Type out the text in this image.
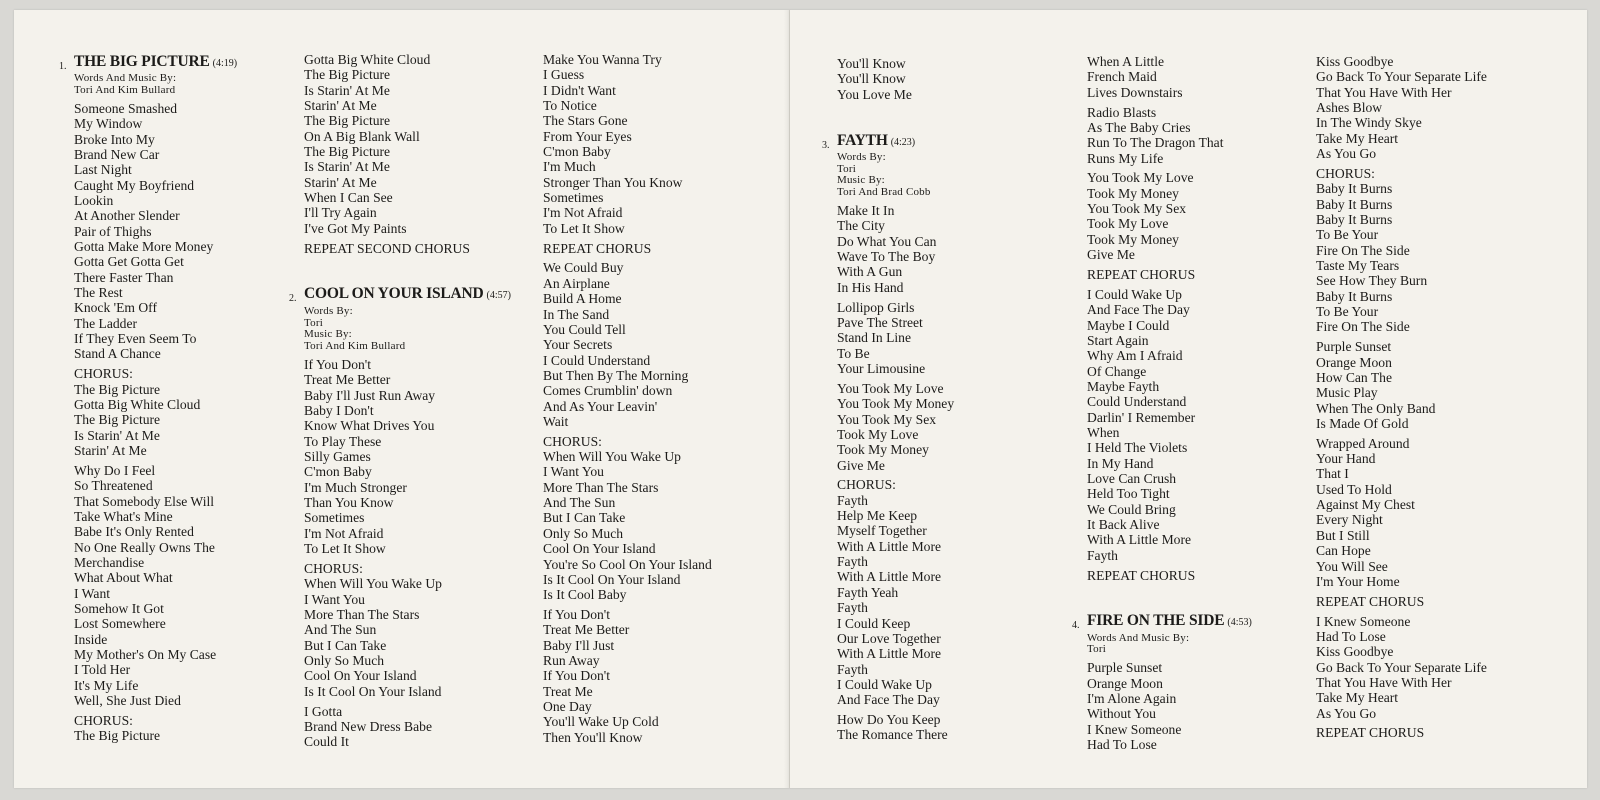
1. THE BIG PICTURE (4:19)
Words And Music By:
Tori And Kim Bullard
Someone Smashed
My Window
Broke Into My
Brand New Car
Last Night
Caught My Boyfriend
Lookin
At Another Slender
Pair of Thighs
Gotta Make More Money
Gotta Get Gotta Get
There Faster Than
The Rest
Knock 'Em Off
The Ladder
If They Even Seem To
Stand A Chance
CHORUS:
The Big Picture
Gotta Big White Cloud
The Big Picture
Is Starin' At Me
Starin' At Me
Why Do I Feel
So Threatened
That Somebody Else Will
Take What's Mine
Babe It's Only Rented
No One Really Owns The
Merchandise
What About What
I Want
Somehow It Got
Lost Somewhere
Inside
My Mother's On My Case
I Told Her
It's My Life
Well, She Just Died
CHORUS:
The Big Picture
Gotta Big White Cloud
The Big Picture
Is Starin' At Me
Starin' At Me
The Big Picture
On A Big Blank Wall
The Big Picture
Is Starin' At Me
Starin' At Me
When I Can See
I'll Try Again
I've Got My Paints
REPEAT SECOND CHORUS
2. COOL ON YOUR ISLAND (4:57)
Words By:
Tori
Music By:
Tori And Kim Bullard
If You Don't
Treat Me Better
Baby I'll Just Run Away
Baby I Don't
Know What Drives You
To Play These
Silly Games
C'mon Baby
I'm Much Stronger
Than You Know
Sometimes
I'm Not Afraid
To Let It Show
CHORUS:
When Will You Wake Up
I Want You
More Than The Stars
And The Sun
But I Can Take
Only So Much
Cool On Your Island
Is It Cool On Your Island
I Gotta
Brand New Dress Babe
Could It
Make You Wanna Try
I Guess
I Didn't Want
To Notice
The Stars Gone
From Your Eyes
C'mon Baby
I'm Much
Stronger Than You Know
Sometimes
I'm Not Afraid
To Let It Show
REPEAT CHORUS
We Could Buy
An Airplane
Build A Home
In The Sand
You Could Tell
Your Secrets
I Could Understand
But Then By The Morning
Comes Crumblin' down
And As Your Leavin'
Wait
CHORUS:
When Will You Wake Up
I Want You
More Than The Stars
And The Sun
But I Can Take
Only So Much
Cool On Your Island
You're So Cool On Your Island
Is It Cool On Your Island
Is It Cool Baby
If You Don't
Treat Me Better
Baby I'll Just
Run Away
If You Don't
Treat Me
One Day
You'll Wake Up Cold
Then You'll Know
You'll Know
You'll Know
You Love Me
3. FAYTH (4:23)
Words By:
Tori
Music By:
Tori And Brad Cobb
Make It In
The City
Do What You Can
Wave To The Boy
With A Gun
In His Hand
Lollipop Girls
Pave The Street
Stand In Line
To Be
Your Limousine
You Took My Love
You Took My Money
You Took My Sex
Took My Love
Took My Money
Give Me
CHORUS:
Fayth
Help Me Keep
Myself Together
With A Little More
Fayth
With A Little More
Fayth Yeah
Fayth
I Could Keep
Our Love Together
With A Little More
Fayth
I Could Wake Up
And Face The Day
How Do You Keep
The Romance There
When A Little
French Maid
Lives Downstairs
Radio Blasts
As The Baby Cries
Run To The Dragon That
Runs My Life
You Took My Love
Took My Money
You Took My Sex
Took My Love
Took My Money
Give Me
REPEAT CHORUS
I Could Wake Up
And Face The Day
Maybe I Could
Start Again
Why Am I Afraid
Of Change
Maybe Fayth
Could Understand
Darlin' I Remember
When
I Held The Violets
In My Hand
Love Can Crush
Held Too Tight
We Could Bring
It Back Alive
With A Little More
Fayth
REPEAT CHORUS
4. FIRE ON THE SIDE (4:53)
Words And Music By:
Tori
Purple Sunset
Orange Moon
I'm Alone Again
Without You
I Knew Someone
Had To Lose
Kiss Goodbye
Go Back To Your Separate Life
That You Have With Her
Ashes Blow
In The Windy Skye
Take My Heart
As You Go
CHORUS:
Baby It Burns
Baby It Burns
Baby It Burns
To Be Your
Fire On The Side
Taste My Tears
See How They Burn
Baby It Burns
To Be Your
Fire On The Side
Purple Sunset
Orange Moon
How Can The
Music Play
When The Only Band
Is Made Of Gold
Wrapped Around
Your Hand
That I
Used To Hold
Against My Chest
Every Night
But I Still
Can Hope
You Will See
I'm Your Home
REPEAT CHORUS
I Knew Someone
Had To Lose
Kiss Goodbye
Go Back To Your Separate Life
That You Have With Her
Take My Heart
As You Go
REPEAT CHORUS
